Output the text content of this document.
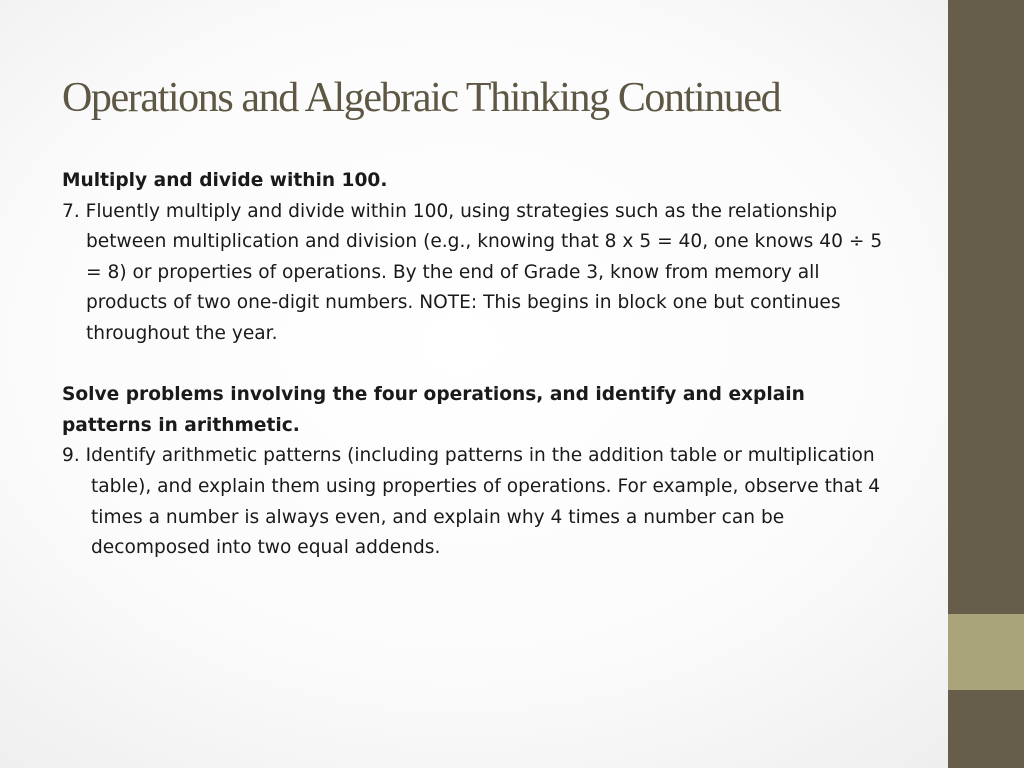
Operations and Algebraic Thinking Continued

Multiply and divide within 100.

7. Fluently multiply and divide within 100, using strategies such as the relationship between multiplication and division (e.g., knowing that 8 x 5 = 40, one knows 40 ÷ 5 = 8) or properties of operations. By the end of Grade 3, know from memory all products of two one-digit numbers. NOTE: This begins in block one but continues throughout the year.

Solve problems involving the four operations, and identify and explain patterns in arithmetic.

9. Identify arithmetic patterns (including patterns in the addition table or multiplication table), and explain them using properties of operations. For example, observe that 4 times a number is always even, and explain why 4 times a number can be decomposed into two equal addends.
